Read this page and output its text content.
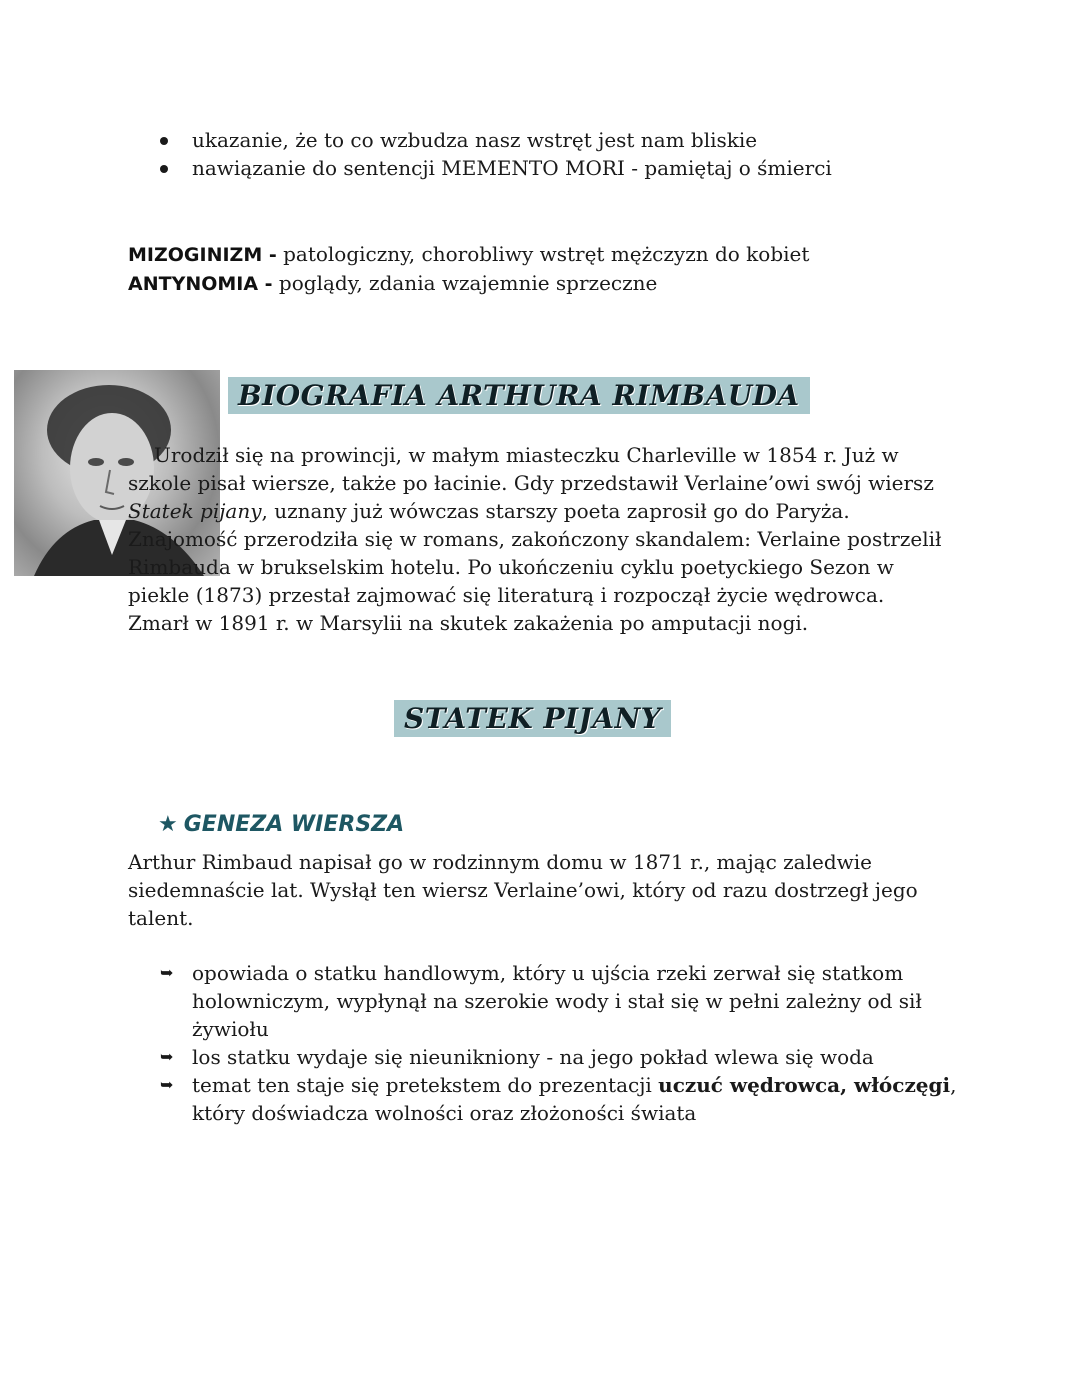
ukazanie, że to co wzbudza nasz wstręt jest nam bliskie
nawiązanie do sentencji MEMENTO MORI - pamiętaj o śmierci
MIZOGINIZM - patologiczny, chorobliwy wstręt mężczyzn do kobiet
ANTYNOMIA - poglądy, zdania wzajemnie sprzeczne
BIOGRAFIA ARTHURA RIMBAUDA
Urodził się na prowincji, w małym miasteczku Charleville w 1854 r. Już w szkole pisał wiersze, także po łacinie. Gdy przedstawił Verlaine’owi swój wiersz Statek pijany, uznany już wówczas starszy poeta zaprosił go do Paryża. Znajomość przerodziła się w romans, zakończony skandalem: Verlaine postrzelił Rimbauda w brukselskim hotelu. Po ukończeniu cyklu poetyckiego Sezon w piekle (1873) przestał zajmować się literaturą i rozpoczął życie wędrowca. Zmarł w 1891 r. w Marsylii na skutek zakażenia po amputacji nogi.
STATEK PIJANY
★ GENEZA WIERSZA
Arthur Rimbaud napisał go w rodzinnym domu w 1871 r., mając zaledwie siedemnaście lat. Wysłął ten wiersz Verlaine’owi, który od razu dostrzegł jego talent.
➥ opowiada o statku handlowym, który u ujścia rzeki zerwał się statkom holowniczym, wypłynął na szerokie wody i stał się w pełni zależny od sił żywiołu
➥ los statku wydaje się nieunikniony - na jego pokład wlewa się woda
➥ temat ten staje się pretekstem do prezentacji uczuć wędrowca, włóczęgi, który doświadcza wolności oraz złożoności świata
